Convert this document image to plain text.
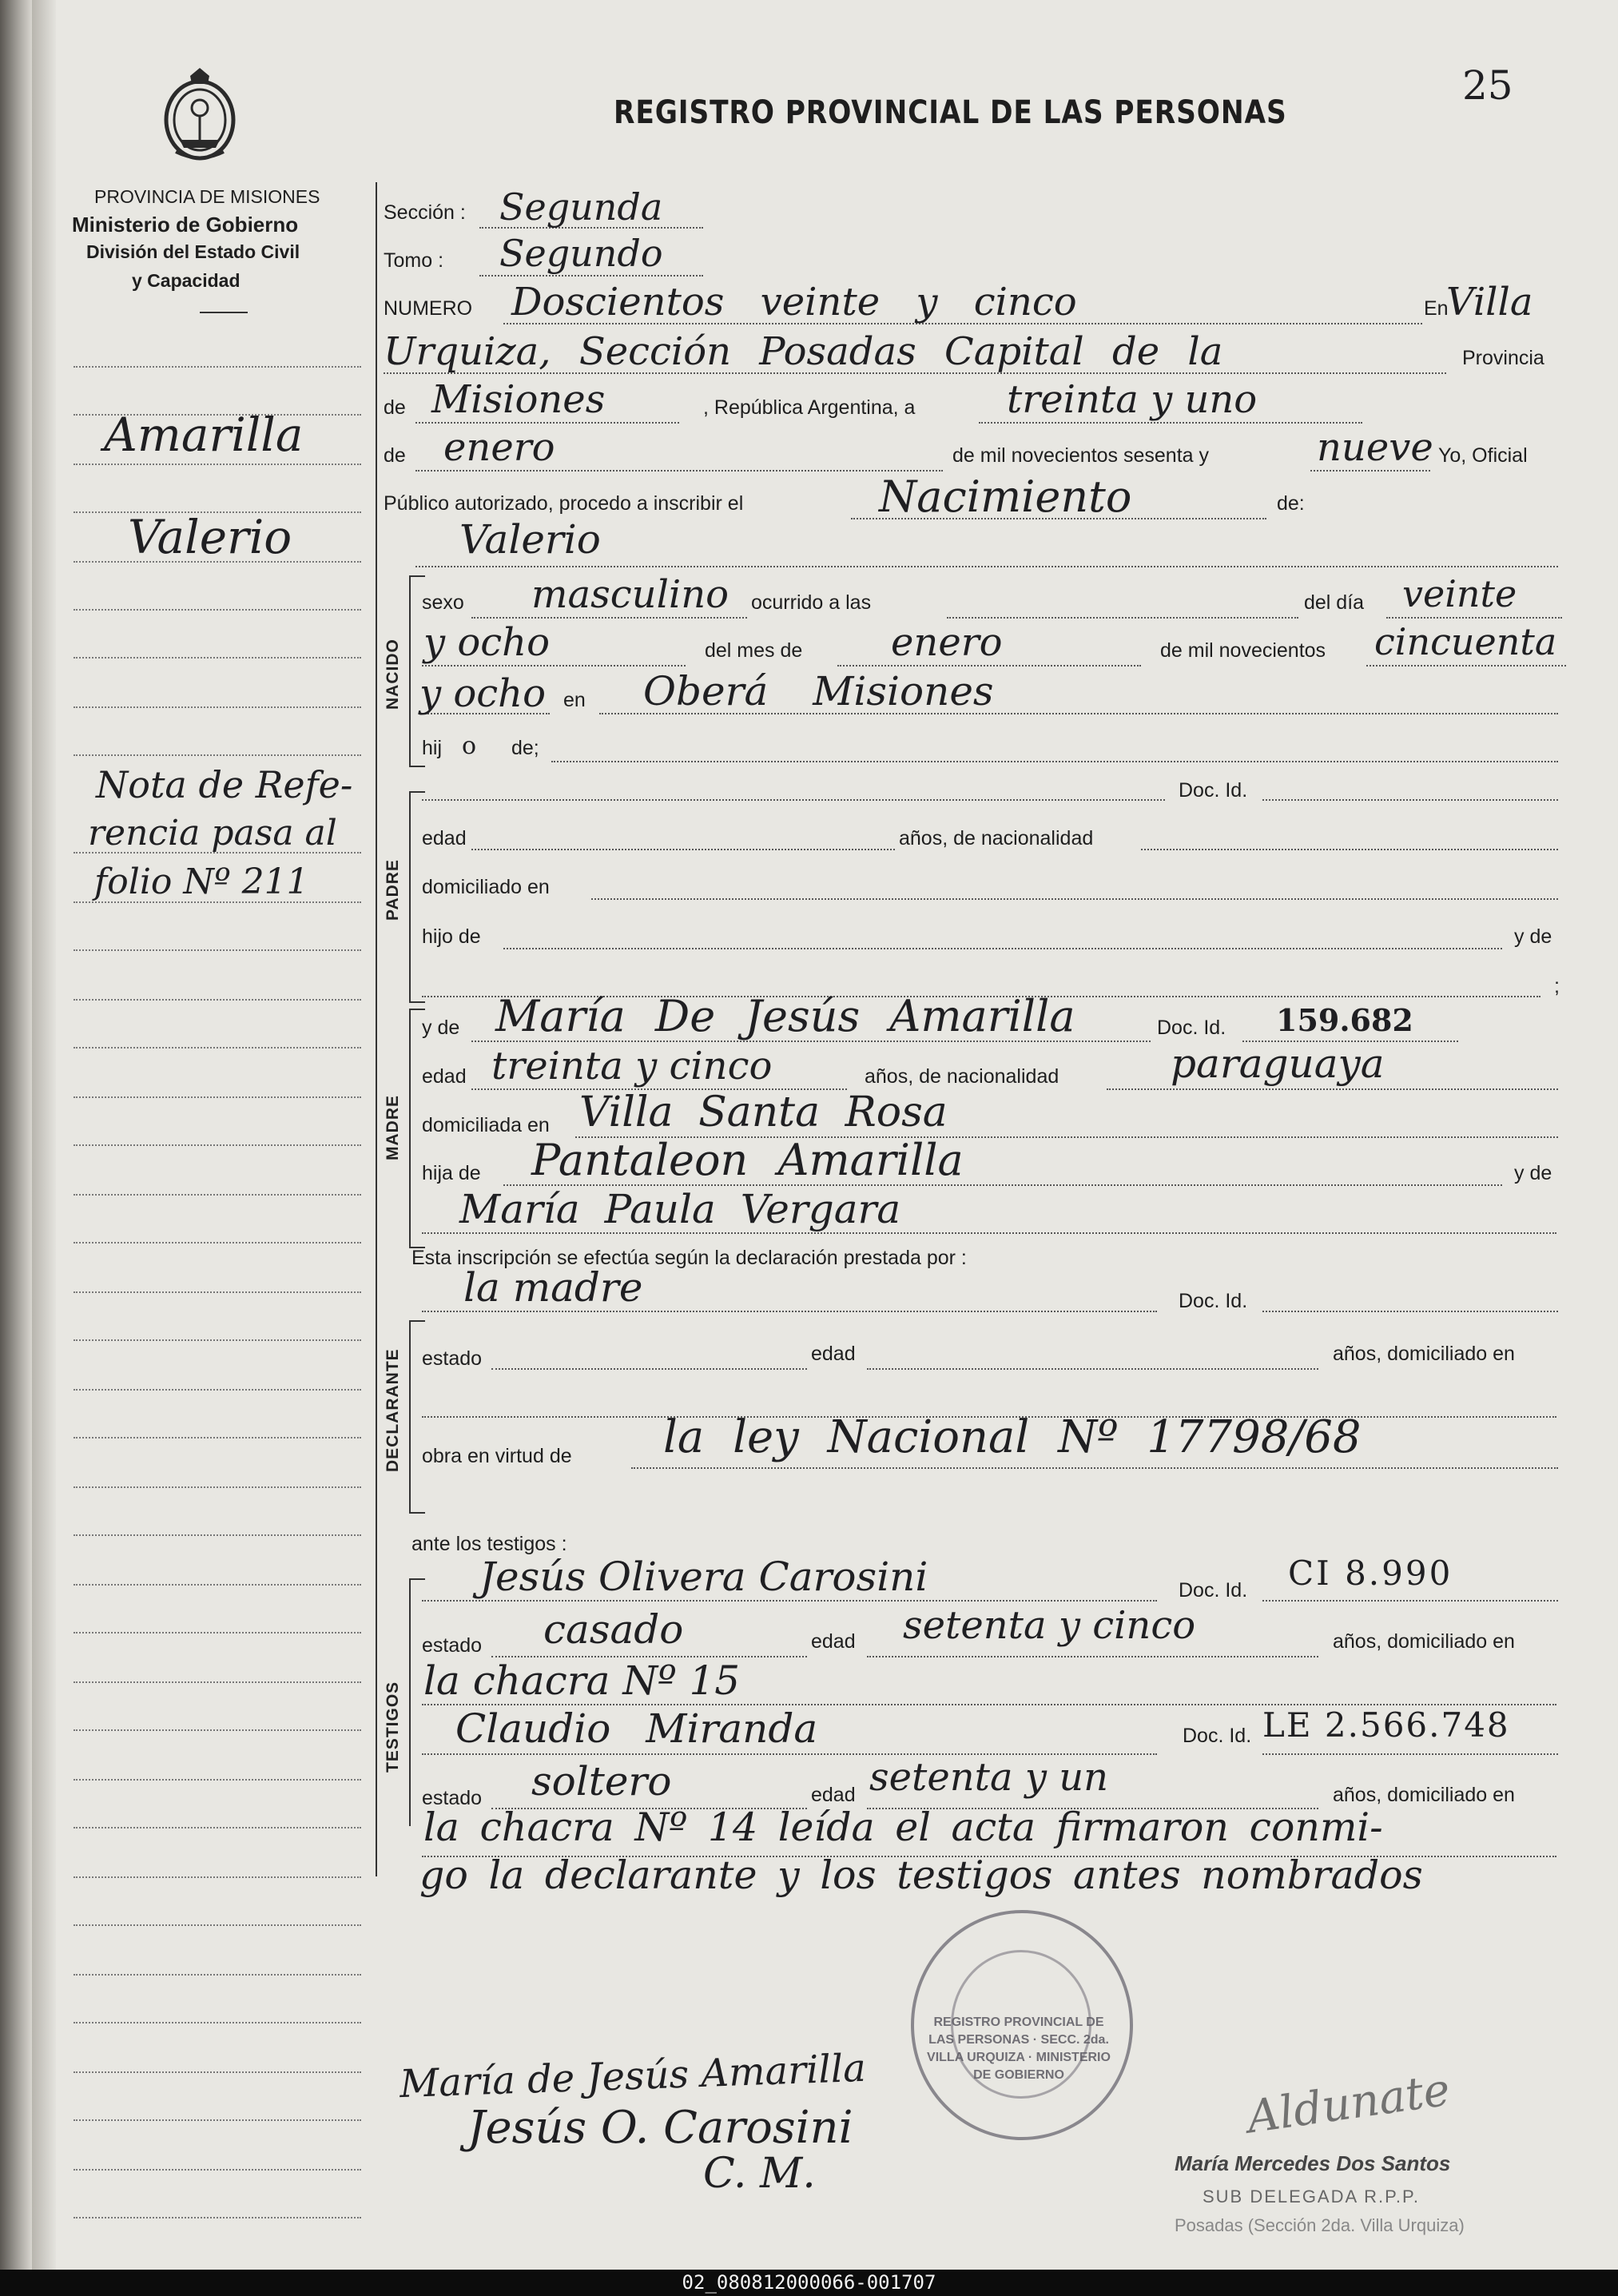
PROVINCIA DE MISIONES
Ministerio de Gobierno
División del Estado Civil
y Capacidad
REGISTRO PROVINCIAL DE LAS PERSONAS
25
Amarilla
Valerio
Nota de Refe-
rencia pasa al
folio Nº 211
Sección : Segunda
Tomo : Segundo
NUMERO Doscientos veinte y cinco	En
Villa
Urquiza, Sección Posadas Capital de la	Provincia
de Misiones	, República Argentina, a treinta y uno
de enero	de mil novecientos sesenta y	nueve Yo, Oficial
Público autorizado, procedo a inscribir el	Nacimiento	de:
Valerio
NACIDO
sexo masculino ocurrido a las	del día veinte
y ocho	del mes de enero	de mil novecientos cincuenta
y ocho en Oberá Misiones
hij o de;
Doc. Id.
PADRE
edad	años, de nacionalidad
domiciliado en
hijo de	y de
;
y de María De Jesús Amarilla	Doc. Id. 159.682
MADRE
edad treinta y cinco	años, de nacionalidad	paraguaya
domiciliada en Villa Santa Rosa
hija de Pantaleon Amarilla	y de
María Paula Vergara
Esta inscripción se efectúa según la declaración prestada por :
la madre	Doc. Id.
DECLARANTE estado	edad	años, domiciliado en
obra en virtud de la ley Nacional Nº 17798/68
ante los testigos :
Jesús Olivera Carosini	Doc. Id. CI 8.990
TESTIGOS
estado casado	edad setenta y cinco	años, domiciliado en
la chacra Nº 15
Claudio Miranda	Doc. Id. LE 2.566.748
estado soltero	edad setenta y un	años, domiciliado en
la chacra Nº 14 leída el acta firmaron conmi-
go la declarante y los testigos antes nombrados
REGISTRO PROVINCIAL DE LAS PERSONAS · SECC. 2da. VILLA URQUIZA · MINISTERIO DE GOBIERNO
María de Jesús Amarilla
Jesús O. Carosini
C. M.
Aldunate
María Mercedes Dos Santos
SUB DELEGADA R.P.P.
Posadas (Sección 2da. Villa Urquiza)
02_080812000066-001707
